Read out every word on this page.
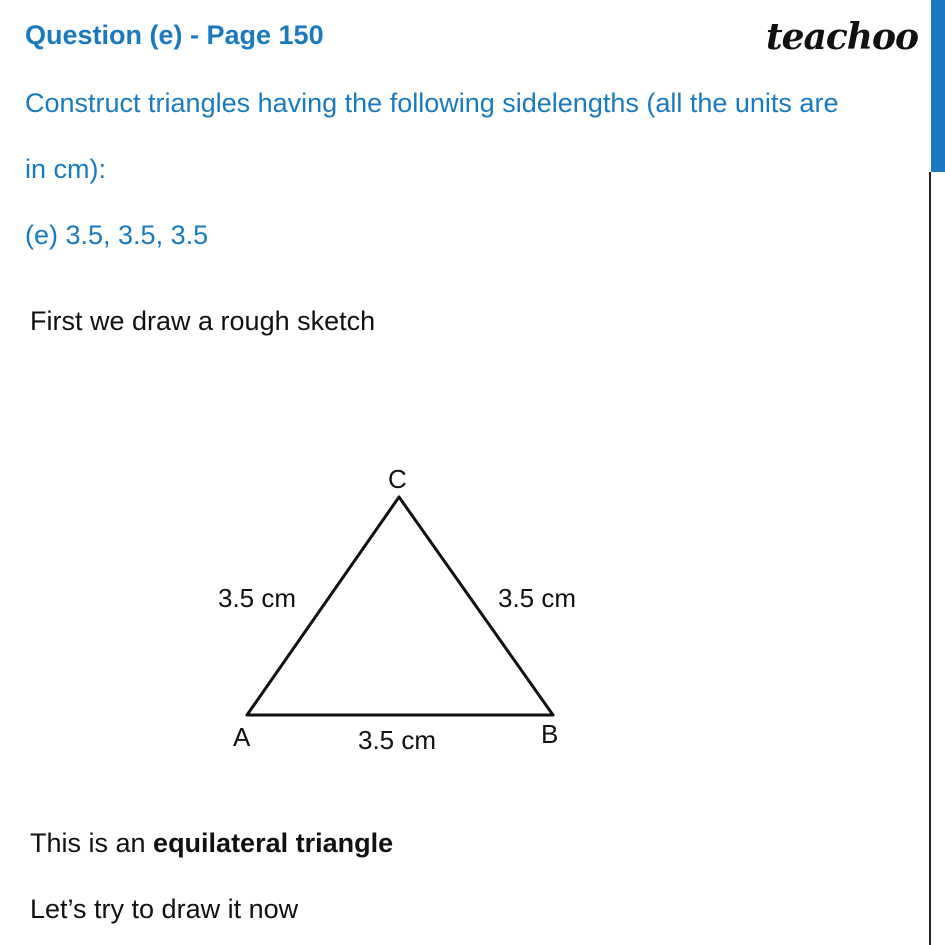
Question (e) - Page 150	teachoo
Construct triangles having the following sidelengths (all the units are
in cm):
(e) 3.5, 3.5, 3.5
First we draw a rough sketch
C
A	B
3.5 cm	3.5 cm
3.5 cm
This is an equilateral triangle
Let’s try to draw it now
